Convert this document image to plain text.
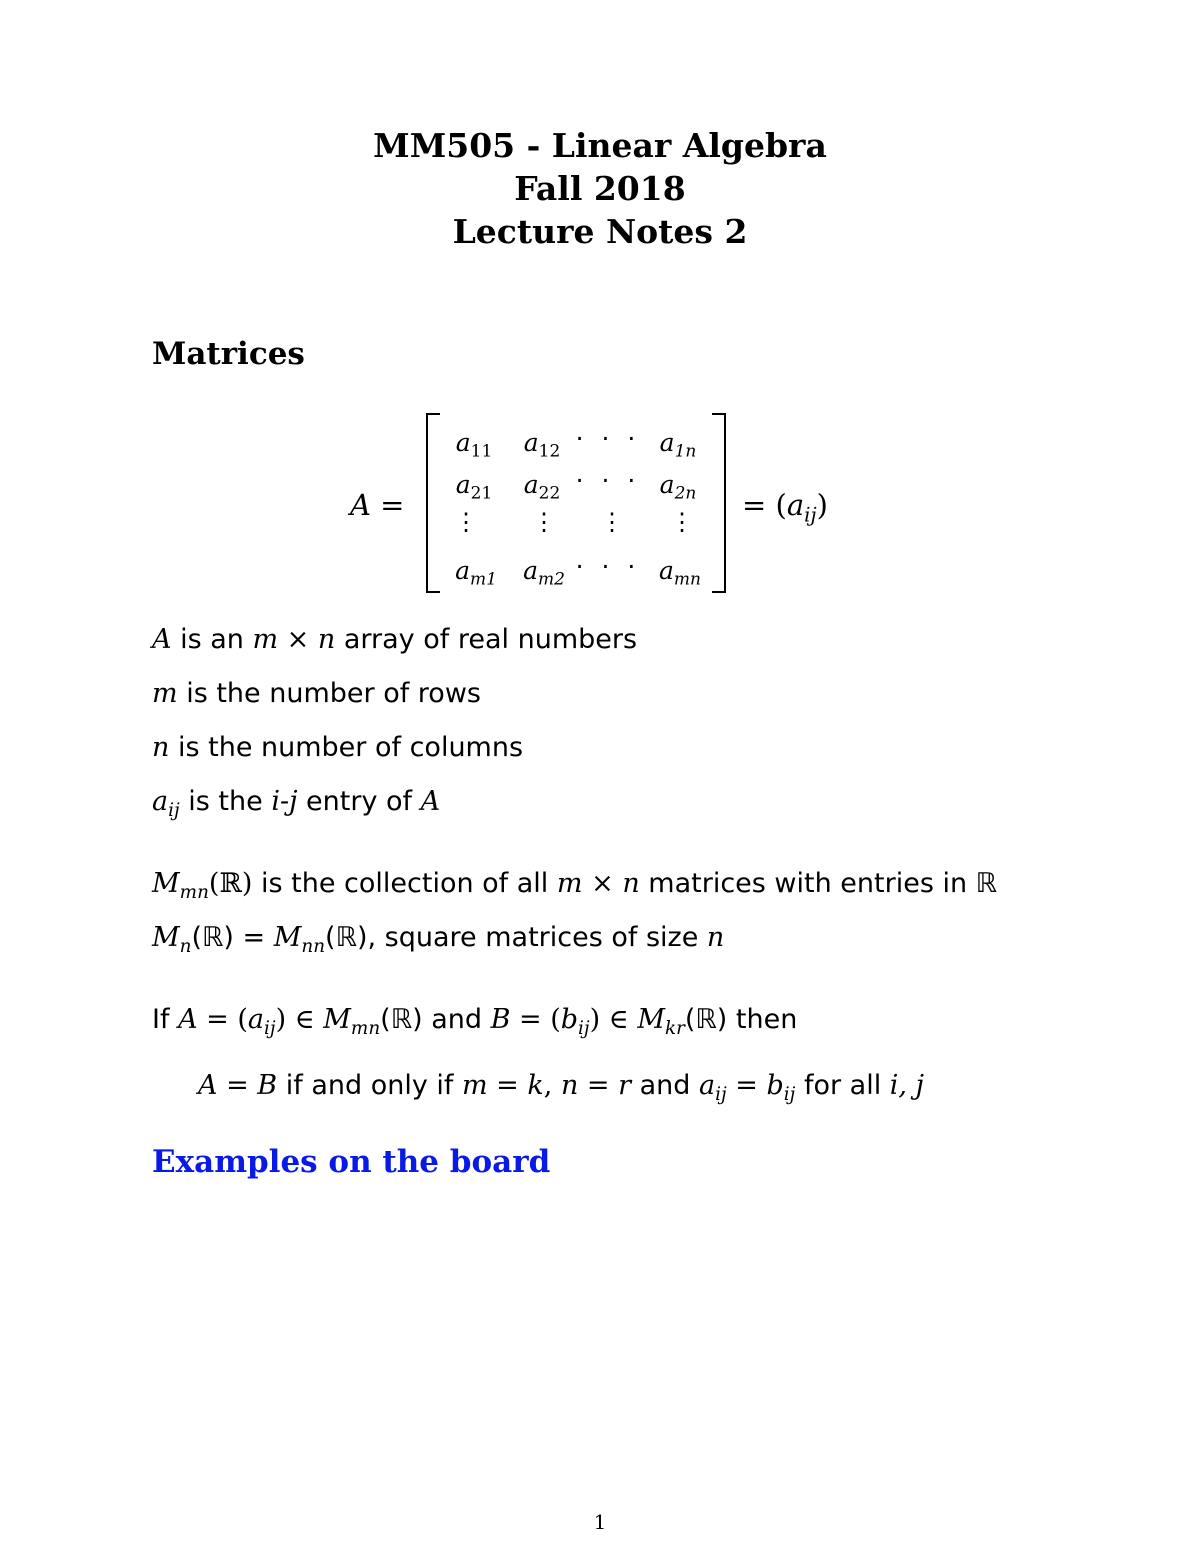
MM505 - Linear Algebra

Fall 2018

Lecture Notes 2

Matrices

A =
$a_{11}$	$a_{12}$ · · · $a_{1n}$
$a_{21}$	$a_{22}$ · · · $a_{2n}$
⋮	⋮	⋮	⋮
$a_{m1}$	$a_{m2}$ · · · $a_{mn}$
= $(a_{ij})$

A is an m × n array of real numbers

m is the number of rows

n is the number of columns

$a_{ij}$ is the i-j entry of A

$M_{mn}(ℝ)$ is the collection of all m × n matrices with entries in ℝ

$M_n(ℝ)$ = $M_{nn}(ℝ)$, square matrices of size n

If $A = (a_{ij})$ ∈ $M_{mn}(ℝ)$ and $B = (b_{ij})$ ∈ $M_{kr}(ℝ)$ then

A = B if and only if m = k, n = r and $a_{ij} = b_{ij}$ for all i, j

Examples on the board

1
